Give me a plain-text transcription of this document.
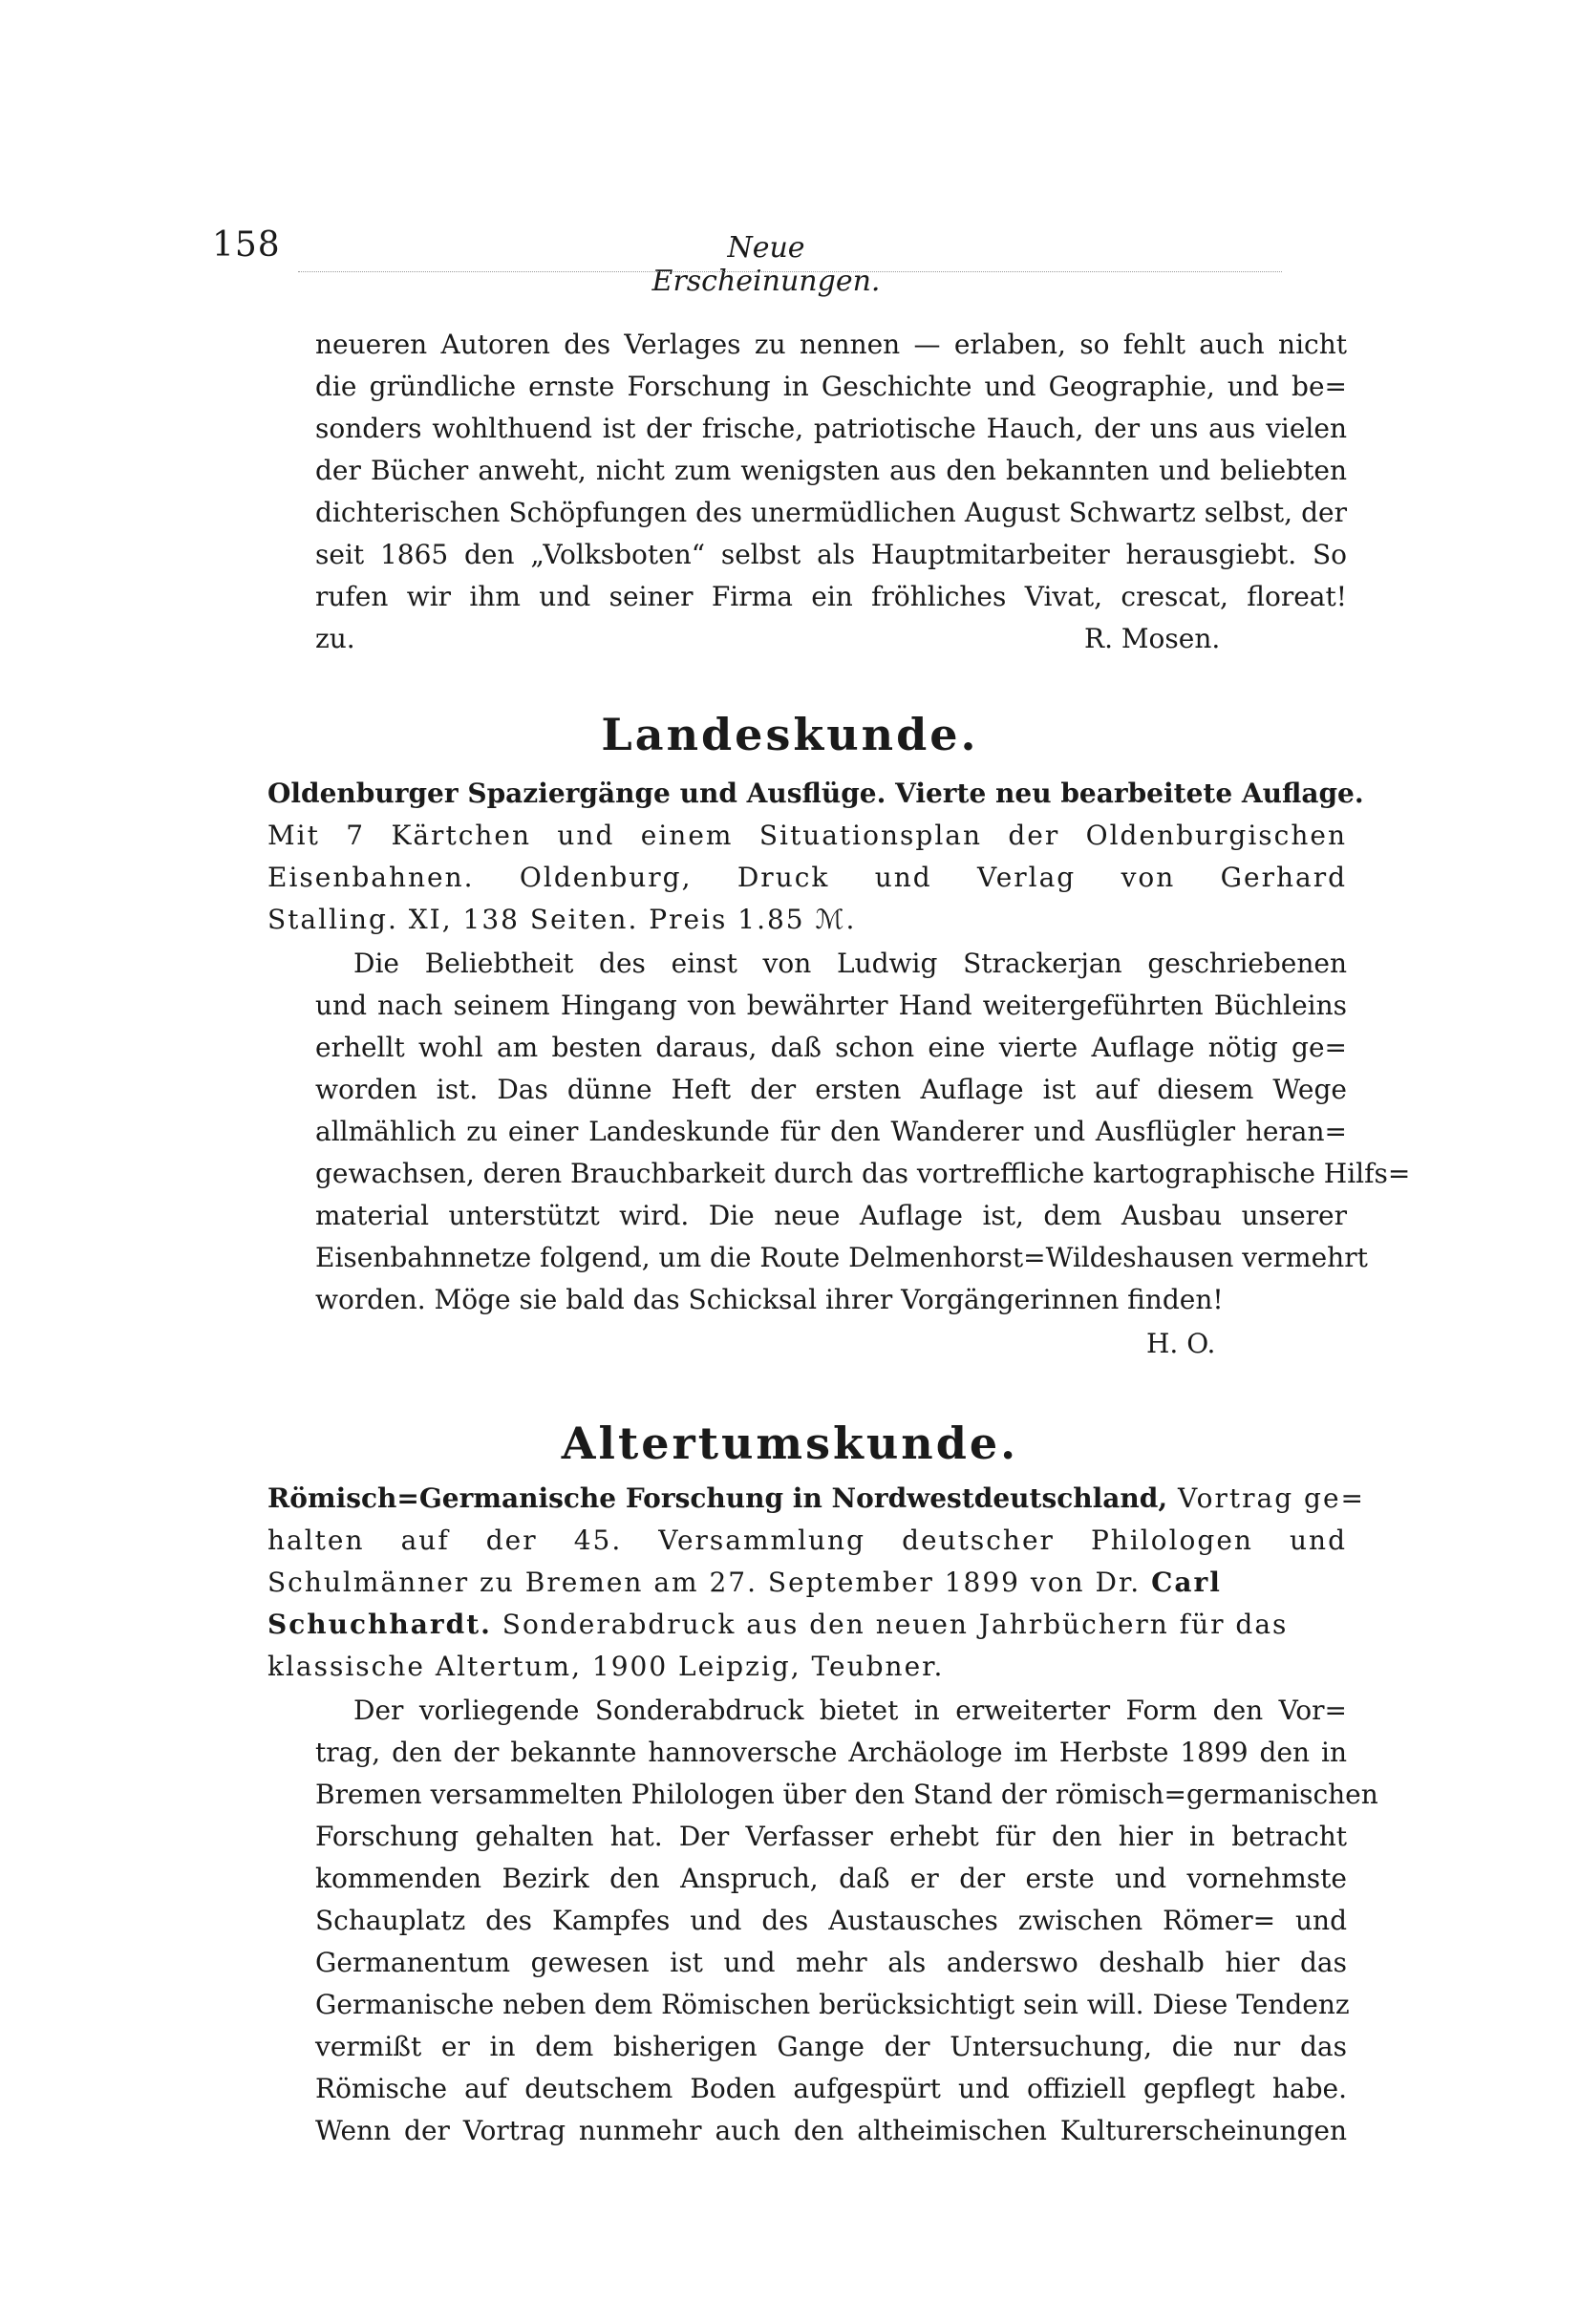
158	Neue Erscheinungen.
neueren Autoren des Verlages zu nennen — erlaben, so fehlt auch nicht
die gründliche ernste Forschung in Geschichte und Geographie, und be=
sonders wohlthuend ist der frische, patriotische Hauch, der uns aus vielen
der Bücher anweht, nicht zum wenigsten aus den bekannten und beliebten
dichterischen Schöpfungen des unermüdlichen August Schwartz selbst, der
seit 1865 den „Volksboten“ selbst als Hauptmitarbeiter herausgiebt. So
rufen wir ihm und seiner Firma ein fröhliches Vivat, crescat, floreat!
zu.	R. Mosen.
Landeskunde.
Oldenburger Spaziergänge und Ausflüge. Vierte neu bearbeitete Auflage.
Mit 7 Kärtchen und einem Situationsplan der Oldenburgischen
Eisenbahnen. Oldenburg, Druck und Verlag von Gerhard
Stalling. XI, 138 Seiten. Preis 1.85 ℳ.
Die Beliebtheit des einst von Ludwig Strackerjan geschriebenen
und nach seinem Hingang von bewährter Hand weitergeführten Büchleins
erhellt wohl am besten daraus, daß schon eine vierte Auflage nötig ge=
worden ist. Das dünne Heft der ersten Auflage ist auf diesem Wege
allmählich zu einer Landeskunde für den Wanderer und Ausflügler heran=
gewachsen, deren Brauchbarkeit durch das vortreffliche kartographische Hilfs=
material unterstützt wird. Die neue Auflage ist, dem Ausbau unserer
Eisenbahnnetze folgend, um die Route Delmenhorst=Wildeshausen vermehrt
worden. Möge sie bald das Schicksal ihrer Vorgängerinnen finden!
H. O.
Altertumskunde.
Römisch=Germanische Forschung in Nordwestdeutschland, Vortrag ge=
halten auf der 45. Versammlung deutscher Philologen und
Schulmänner zu Bremen am 27. September 1899 von Dr. Carl
Schuchhardt. Sonderabdruck aus den neuen Jahrbüchern für das
klassische Altertum, 1900 Leipzig, Teubner.
Der vorliegende Sonderabdruck bietet in erweiterter Form den Vor=
trag, den der bekannte hannoversche Archäologe im Herbste 1899 den in
Bremen versammelten Philologen über den Stand der römisch=germanischen
Forschung gehalten hat. Der Verfasser erhebt für den hier in betracht
kommenden Bezirk den Anspruch, daß er der erste und vornehmste
Schauplatz des Kampfes und des Austausches zwischen Römer= und
Germanentum gewesen ist und mehr als anderswo deshalb hier das
Germanische neben dem Römischen berücksichtigt sein will. Diese Tendenz
vermißt er in dem bisherigen Gange der Untersuchung, die nur das
Römische auf deutschem Boden aufgespürt und offiziell gepflegt habe.
Wenn der Vortrag nunmehr auch den altheimischen Kulturerscheinungen
